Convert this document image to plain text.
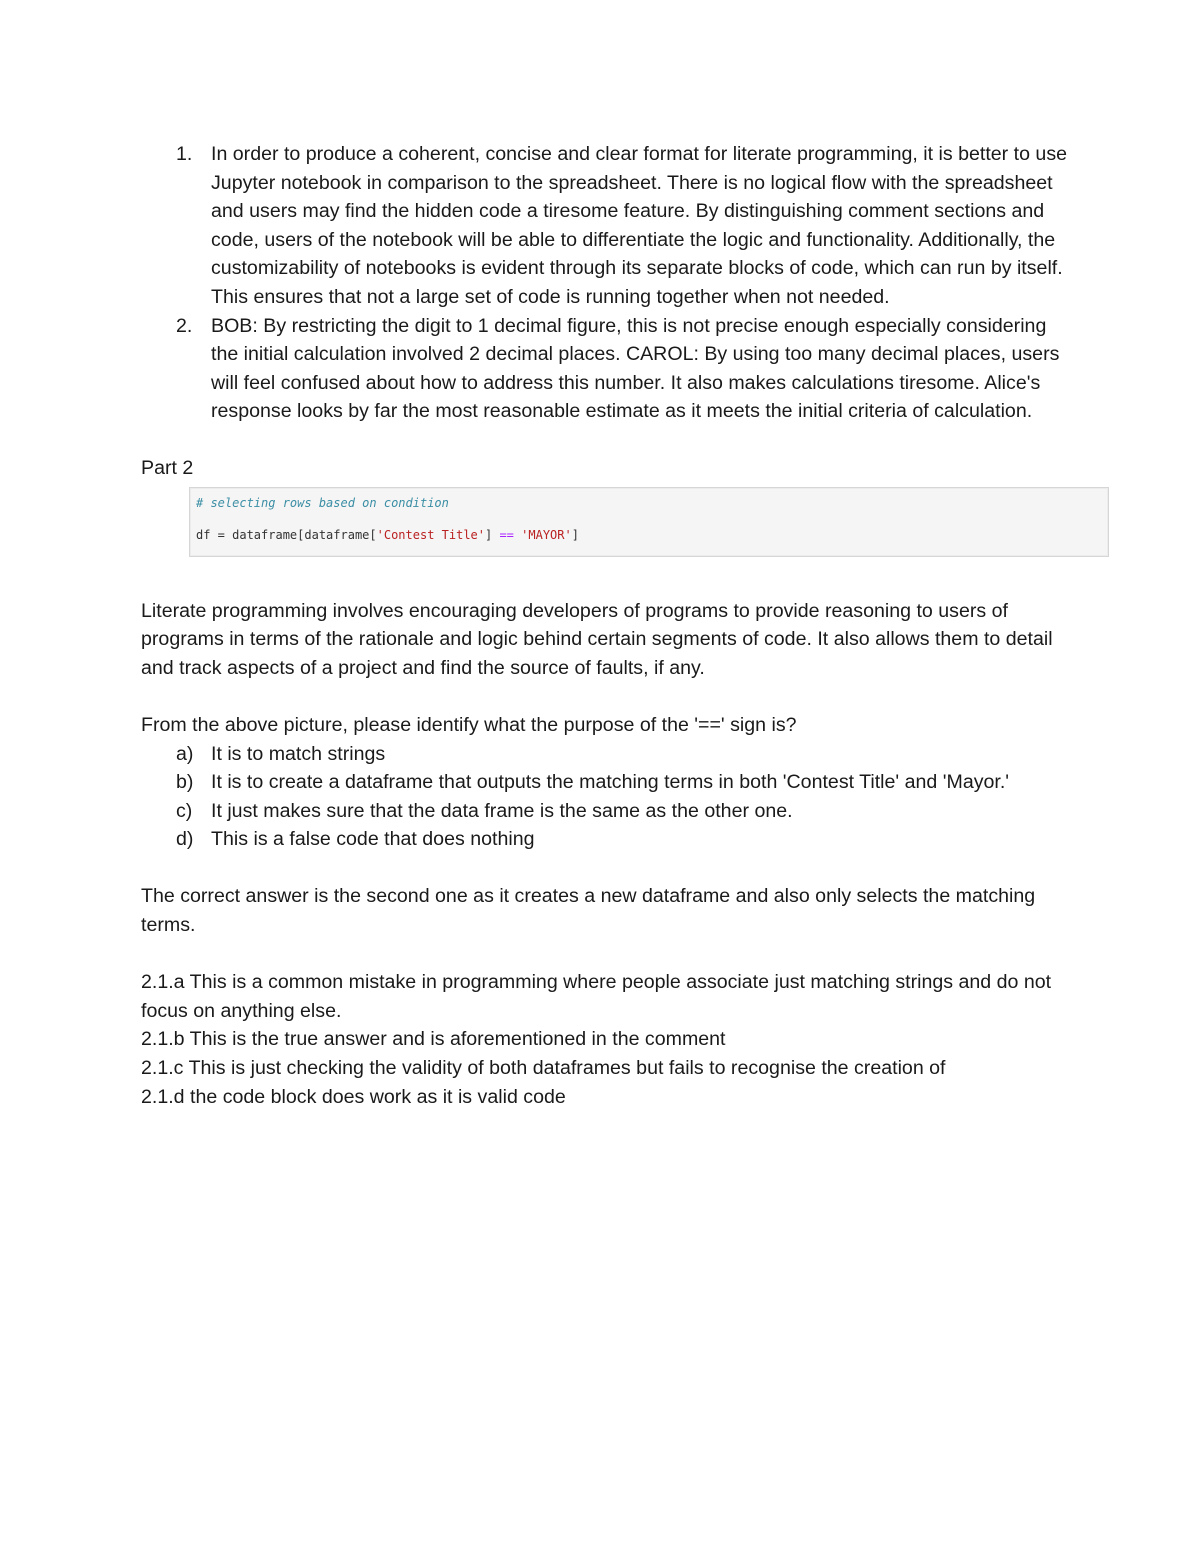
1. In order to produce a coherent, concise and clear format for literate programming, it is better to use Jupyter notebook in comparison to the spreadsheet. There is no logical flow with the spreadsheet and users may find the hidden code a tiresome feature. By distinguishing comment sections and code, users of the notebook will be able to differentiate the logic and functionality. Additionally, the customizability of notebooks is evident through its separate blocks of code, which can run by itself. This ensures that not a large set of code is running together when not needed.
2. BOB: By restricting the digit to 1 decimal figure, this is not precise enough especially considering the initial calculation involved 2 decimal places. CAROL: By using too many decimal places, users will feel confused about how to address this number. It also makes calculations tiresome. Alice's response looks by far the most reasonable estimate as it meets the initial criteria of calculation.
Part 2
# selecting rows based on condition
df = dataframe[dataframe['Contest Title'] == 'MAYOR']

Literate programming involves encouraging developers of programs to provide reasoning to users of programs in terms of the rationale and logic behind certain segments of code. It also allows them to detail and track aspects of a project and find the source of faults, if any.

From the above picture, please identify what the purpose of the '==' sign is?

a) It is to match strings
b) It is to create a dataframe that outputs the matching terms in both 'Contest Title' and 'Mayor.'
c) It just makes sure that the data frame is the same as the other one.
d) This is a false code that does nothing

The correct answer is the second one as it creates a new dataframe and also only selects the matching terms.

2.1.a This is a common mistake in programming where people associate just matching strings and do not focus on anything else.

2.1.b This is the true answer and is aforementioned in the comment

2.1.c This is just checking the validity of both dataframes but fails to recognise the creation of

2.1.d the code block does work as it is valid code
